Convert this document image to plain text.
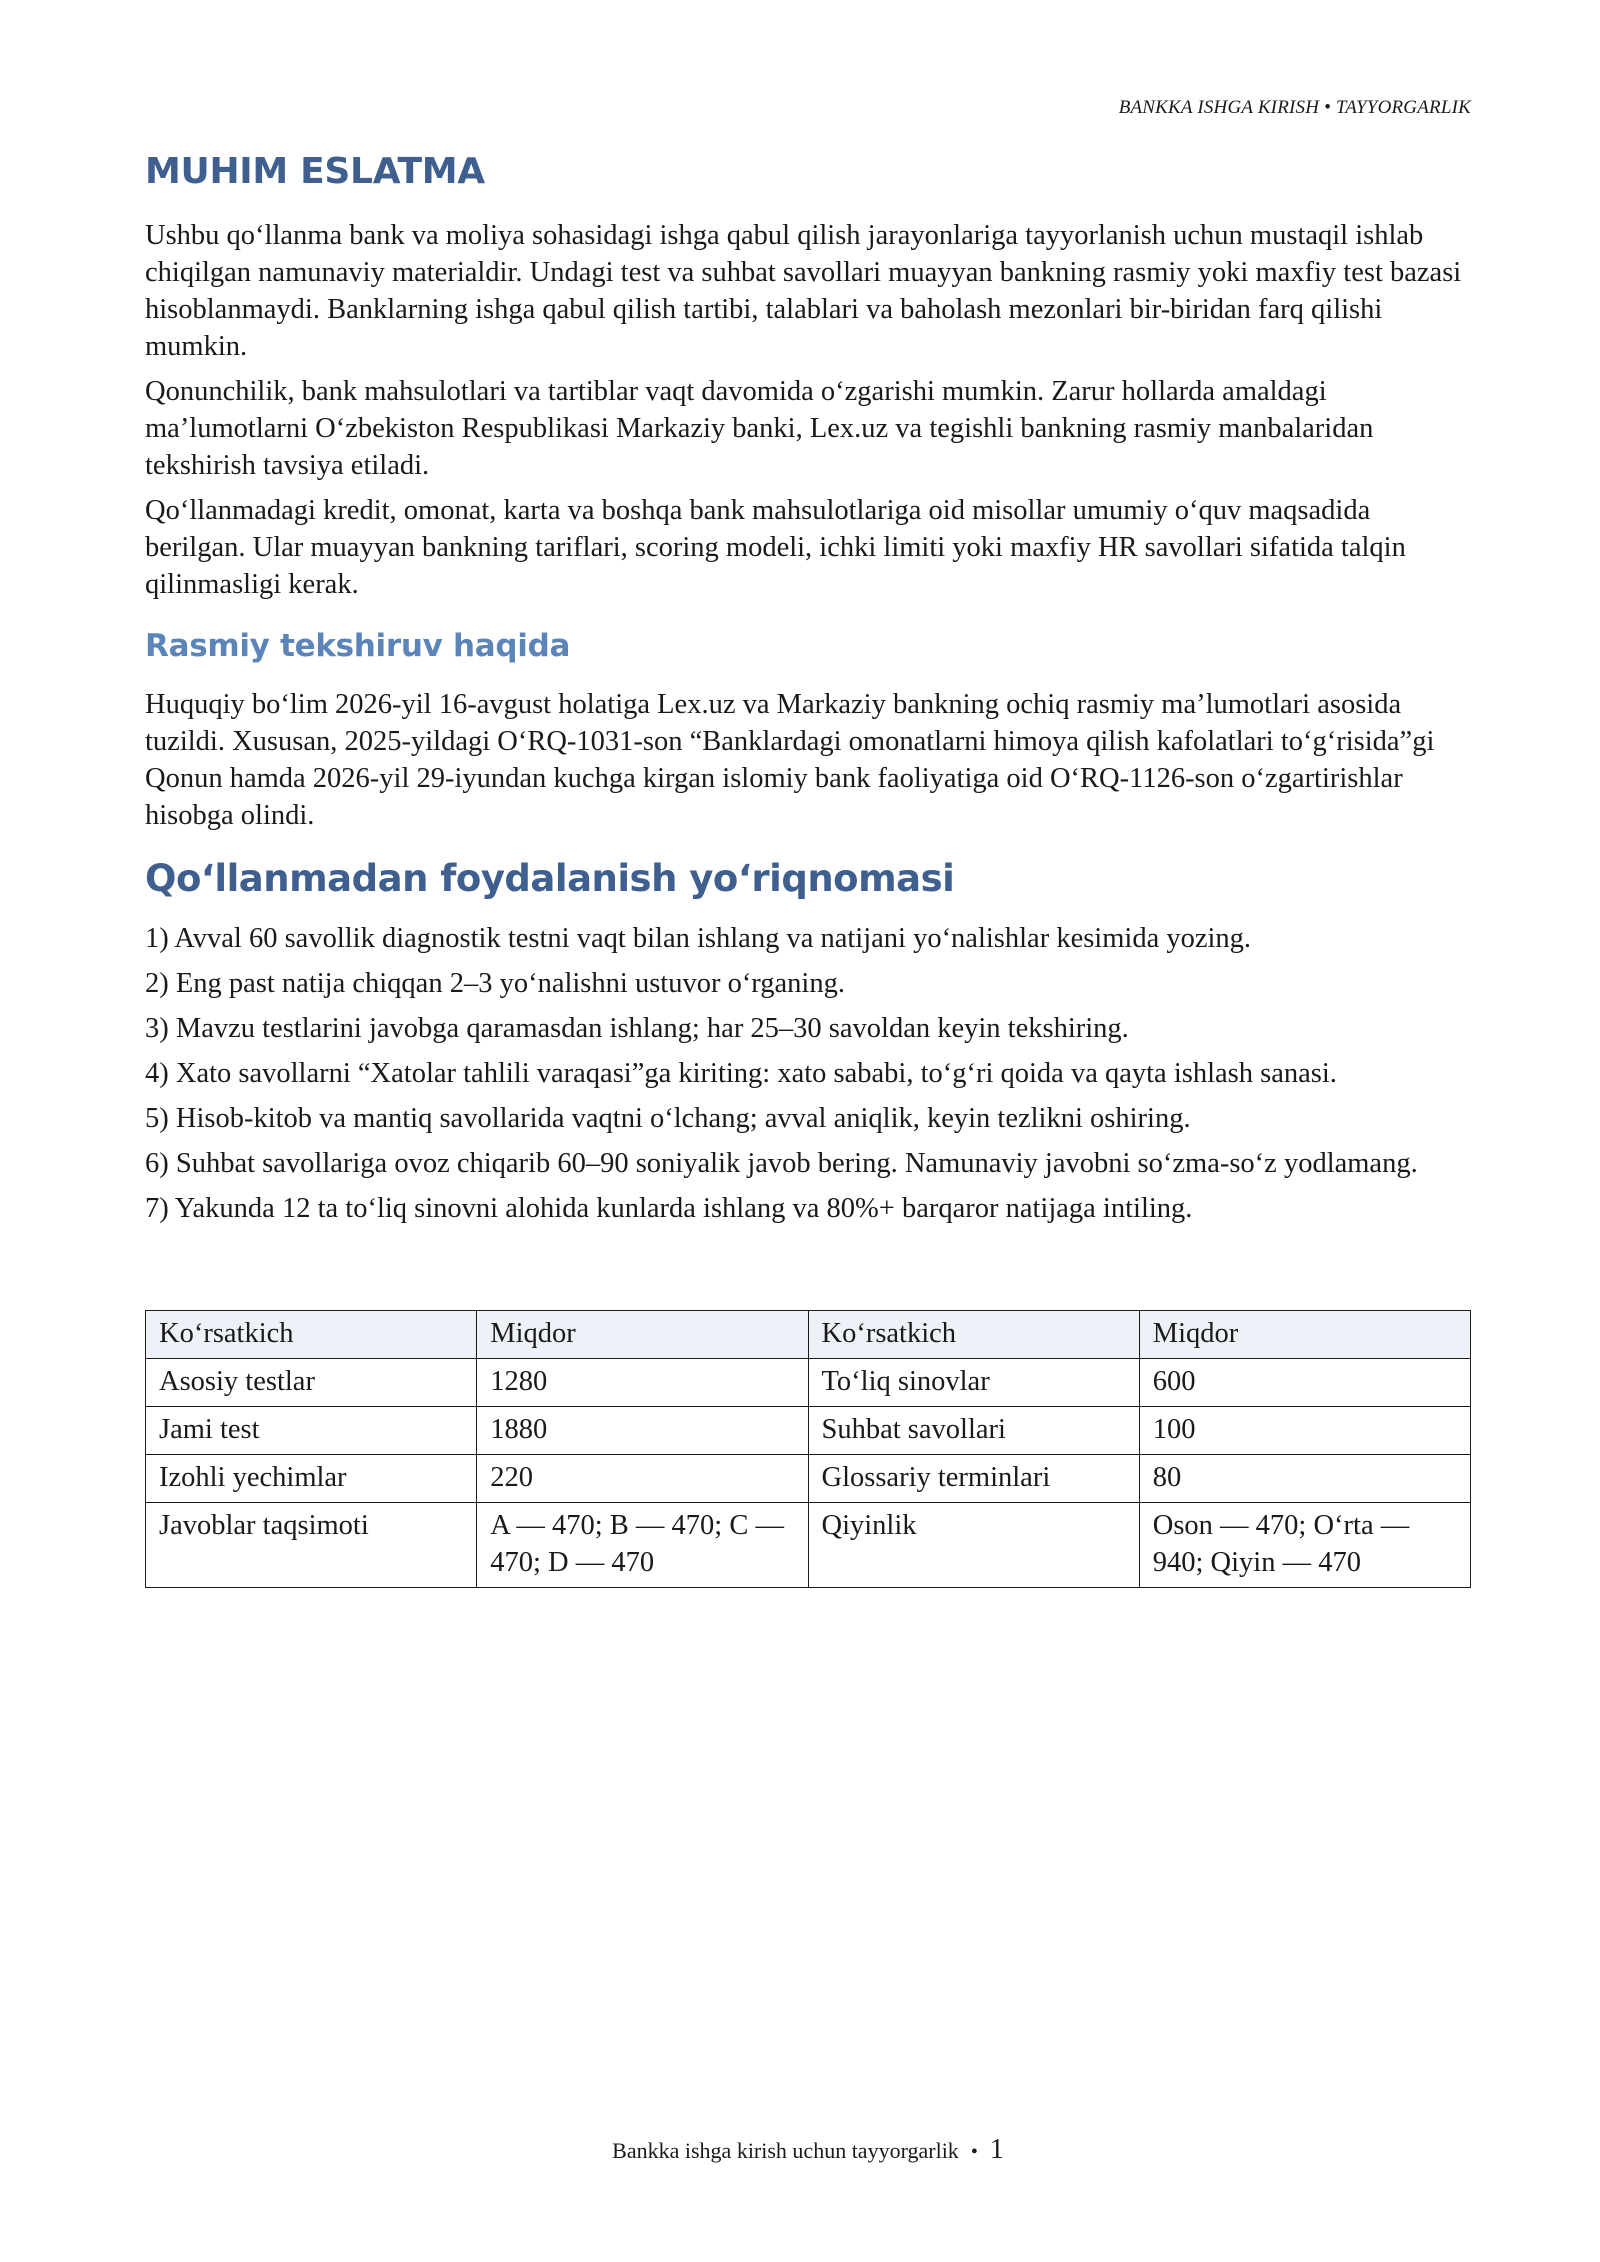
BANKKA ISHGA KIRISH • TAYYORGARLIK
MUHIM ESLATMA

Ushbu qo‘llanma bank va moliya sohasidagi ishga qabul qilish jarayonlariga tayyorlanish uchun mustaqil ishlab chiqilgan namunaviy materialdir. Undagi test va suhbat savollari muayyan bankning rasmiy yoki maxfiy test bazasi hisoblanmaydi. Banklarning ishga qabul qilish tartibi, talablari va baholash mezonlari bir-biridan farq qilishi mumkin.

Qonunchilik, bank mahsulotlari va tartiblar vaqt davomida o‘zgarishi mumkin. Zarur hollarda amaldagi ma’lumotlarni O‘zbekiston Respublikasi Markaziy banki, Lex.uz va tegishli bankning rasmiy manbalaridan tekshirish tavsiya etiladi.

Qo‘llanmadagi kredit, omonat, karta va boshqa bank mahsulotlariga oid misollar umumiy o‘quv maqsadida berilgan. Ular muayyan bankning tariflari, scoring modeli, ichki limiti yoki maxfiy HR savollari sifatida talqin qilinmasligi kerak.

Rasmiy tekshiruv haqida

Huquqiy bo‘lim 2026-yil 16-avgust holatiga Lex.uz va Markaziy bankning ochiq rasmiy ma’lumotlari asosida tuzildi. Xususan, 2025-yildagi O‘RQ-1031-son “Banklardagi omonatlarni himoya qilish kafolatlari to‘g‘risida”gi Qonun hamda 2026-yil 29-iyundan kuchga kirgan islomiy bank faoliyatiga oid O‘RQ-1126-son o‘zgartirishlar hisobga olindi.

Qo‘llanmadan foydalanish yo‘riqnomasi

1) Avval 60 savollik diagnostik testni vaqt bilan ishlang va natijani yo‘nalishlar kesimida yozing.

2) Eng past natija chiqqan 2–3 yo‘nalishni ustuvor o‘rganing.

3) Mavzu testlarini javobga qaramasdan ishlang; har 25–30 savoldan keyin tekshiring.

4) Xato savollarni “Xatolar tahlili varaqasi”ga kiriting: xato sababi, to‘g‘ri qoida va qayta ishlash sanasi.

5) Hisob-kitob va mantiq savollarida vaqtni o‘lchang; avval aniqlik, keyin tezlikni oshiring.

6) Suhbat savollariga ovoz chiqarib 60–90 soniyalik javob bering. Namunaviy javobni so‘zma-so‘z yodlamang.

7) Yakunda 12 ta to‘liq sinovni alohida kunlarda ishlang va 80%+ barqaror natijaga intiling.

Ko‘rsatkich	Miqdor	Ko‘rsatkich	Miqdor
Asosiy testlar	1280	To‘liq sinovlar	600
Jami test	1880	Suhbat savollari	100
Izohli yechimlar	220	Glossariy terminlari	80
Javoblar taqsimoti	A — 470; B — 470; C — 470; D — 470	Qiyinlik	Oson — 470; O‘rta — 940; Qiyin — 470
Bankka ishga kirish uchun tayyorgarlik • 1
